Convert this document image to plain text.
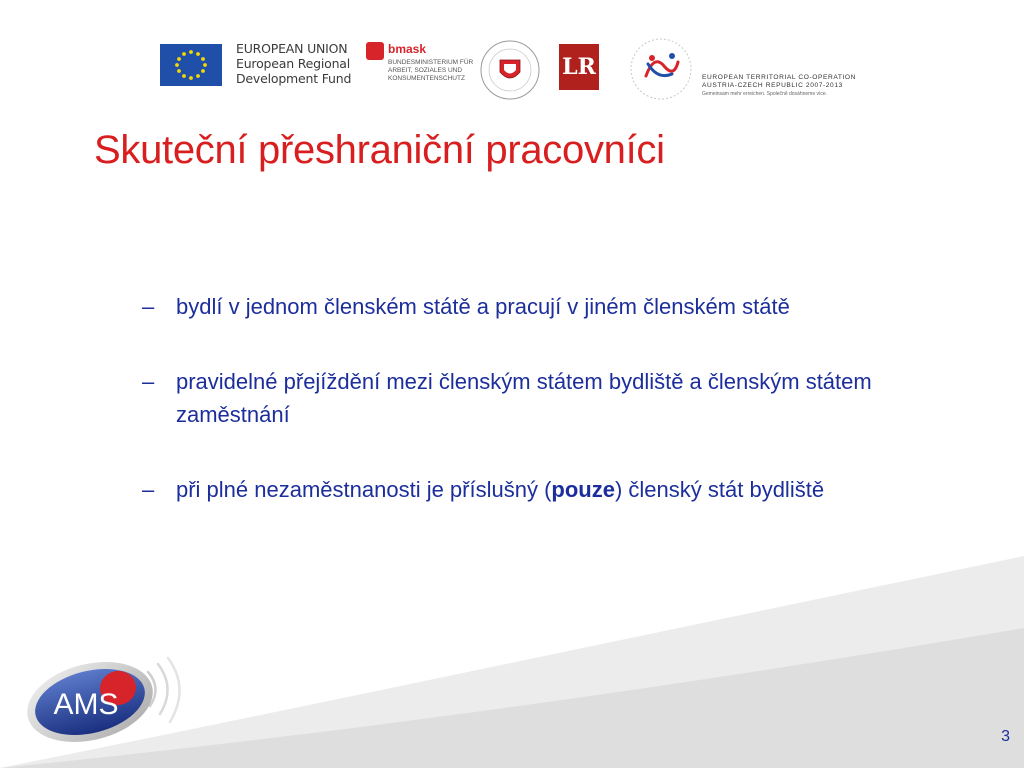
EUROPEAN UNION
European Regional
Development Fund
bmask
BUNDESMINISTERIUM FÜR
ARBEIT, SOZIALES UND
KONSUMENTENSCHUTZ	LR	EUROPEAN TERRITORIAL CO-OPERATION
AUSTRIA-CZECH REPUBLIC 2007-2013
Gemeinsam mehr erreichen. Společně dosáhneme více.
Skuteční přeshraniční pracovníci
– bydlí v jednom členském státě a pracují v jiném členském státě
– pravidelné přejíždění mezi členským státem bydliště a členským státem zaměstnání
– při plné nezaměstnanosti je příslušný (pouze) členský stát bydliště
AMS
3
